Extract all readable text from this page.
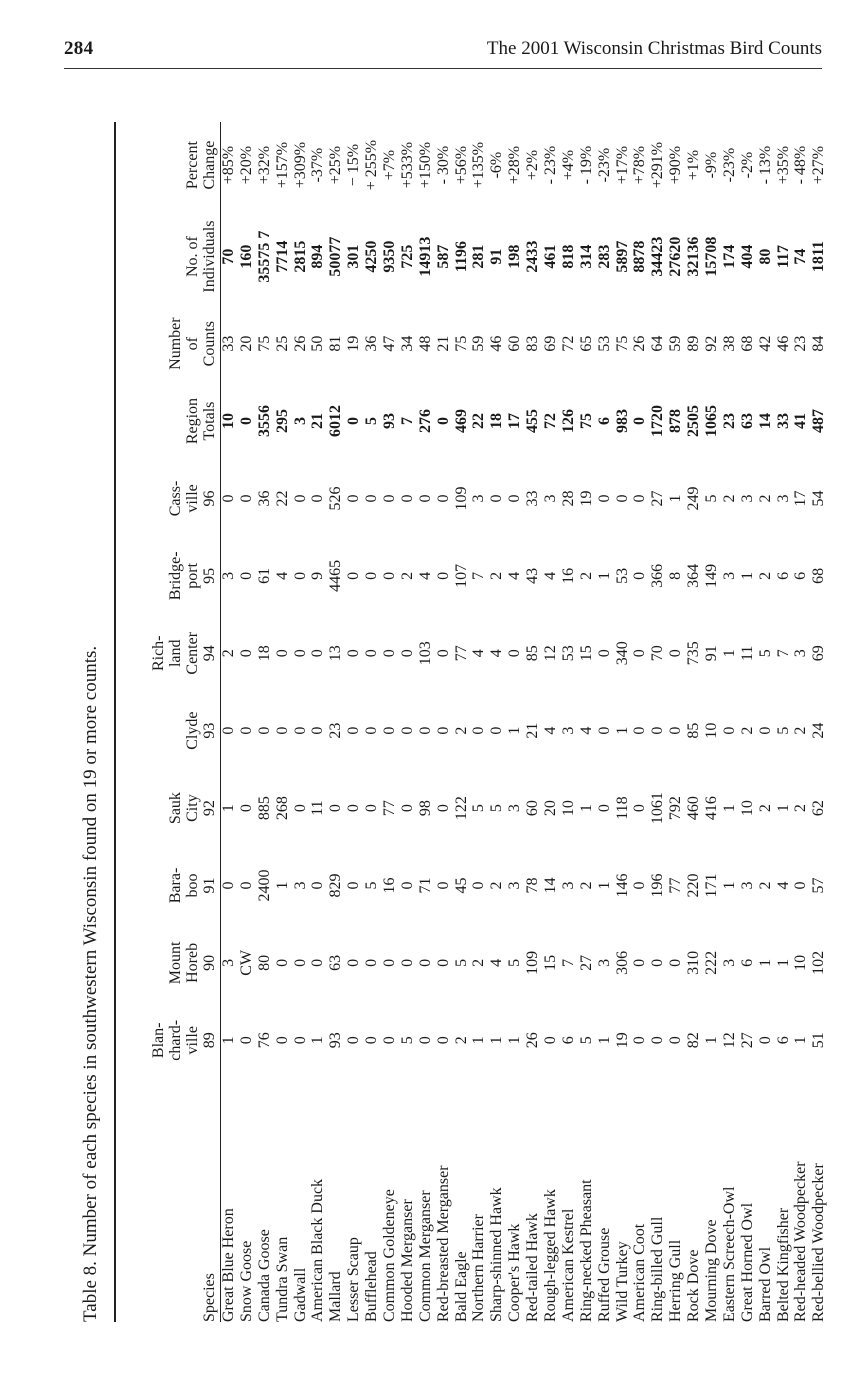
284	The 2001 Wisconsin Christmas Bird Counts
Table 8. Number of each species in southwestern Wisconsin found on 19 or more counts.	Species	Blan- chard- ville 89	Mount Horeb 90	Bara- boo 91	Sauk City 92	Clyde 93	Rich- land Center 94	Bridge- port 95	Cass- ville 96	Region Totals	Number of Counts	No. of Individuals	Percent Change

Great Blue Heron	1	3	0	1	0	2	3	0	10	33	70	+85%
Snow Goose	0	CW	0	0	0	0	0	0	0	20	160	+20%
Canada Goose	76	80	2400	885	0	18	61	36	3556	75	35575 7	+32%
Tundra Swan	0	0	1	268	0	0	4	22	295	25	7714	+157%
Gadwall	0	0	3	0	0	0	0	0	3	26	2815	+309%
American Black Duck	1	0	0	11	0	0	9	0	21	50	894	-37%
Mallard	93	63	829	0	23	13	4465	526	6012	81	50077	+25%
Lesser Scaup	0	0	0	0	0	0	0	0	0	19	301	− 15%
Bufflehead	0	0	5	0	0	0	0	0	5	36	4250	+ 255%
Common Goldeneye	0	0	16	77	0	0	0	0	93	47	9350	+7%
Hooded Merganser	5	0	0	0	0	0	2	0	7	34	725	+533%
Common Merganser	0	0	71	98	0	103	4	0	276	48	14913	+150%
Red-breasted Merganser	0	0	0	0	0	0	0	0	0	21	587	- 30%
Bald Eagle	2	5	45	122	2	77	107	109	469	75	1196	+56%
Northern Harrier	1	2	0	5	0	4	7	3	22	59	281	+135%
Sharp-shinned Hawk	1	4	2	5	0	4	2	0	18	46	91	-6%
Cooper's Hawk	1	5	3	3	1	0	4	0	17	60	198	+28%
Red-tailed Hawk	26	109	78	60	21	85	43	33	455	83	2433	+2%
Rough-legged Hawk	0	15	14	20	4	12	4	3	72	69	461	- 23%
American Kestrel	6	7	3	10	3	53	16	28	126	72	818	+4%
Ring-necked Pheasant	5	27	2	1	4	15	2	19	75	65	314	- 19%
Ruffed Grouse	1	3	1	0	0	0	1	0	6	53	283	-23%
Wild Turkey	19	306	146	118	1	340	53	0	983	75	5897	+17%
American Coot	0	0	0	0	0	0	0	0	0	26	8878	+78%
Ring-billed Gull	0	0	196	1061	0	70	366	27	1720	64	34423	+291%
Herring Gull	0	0	77	792	0	0	8	1	878	59	27620	+90%
Rock Dove	82	310	220	460	85	735	364	249	2505	89	32136	+1%
Mourning Dove	1	222	171	416	10	91	149	5	1065	92	15708	-9%
Eastern Screech-Owl	12	3	1	1	0	1	3	2	23	38	174	-23%
Great Horned Owl	27	6	3	10	2	11	1	3	63	68	404	-2%
Barred Owl	0	1	2	2	0	5	2	2	14	42	80	- 13%
Belted Kingfisher	6	1	4	1	5	7	6	3	33	46	117	+35%
Red-headed Woodpecker	1	10	0	2	2	3	6	17	41	23	74	- 48%
Red-bellied Woodpecker	51	102	57	62	24	69	68	54	487	84	1811	+27%
